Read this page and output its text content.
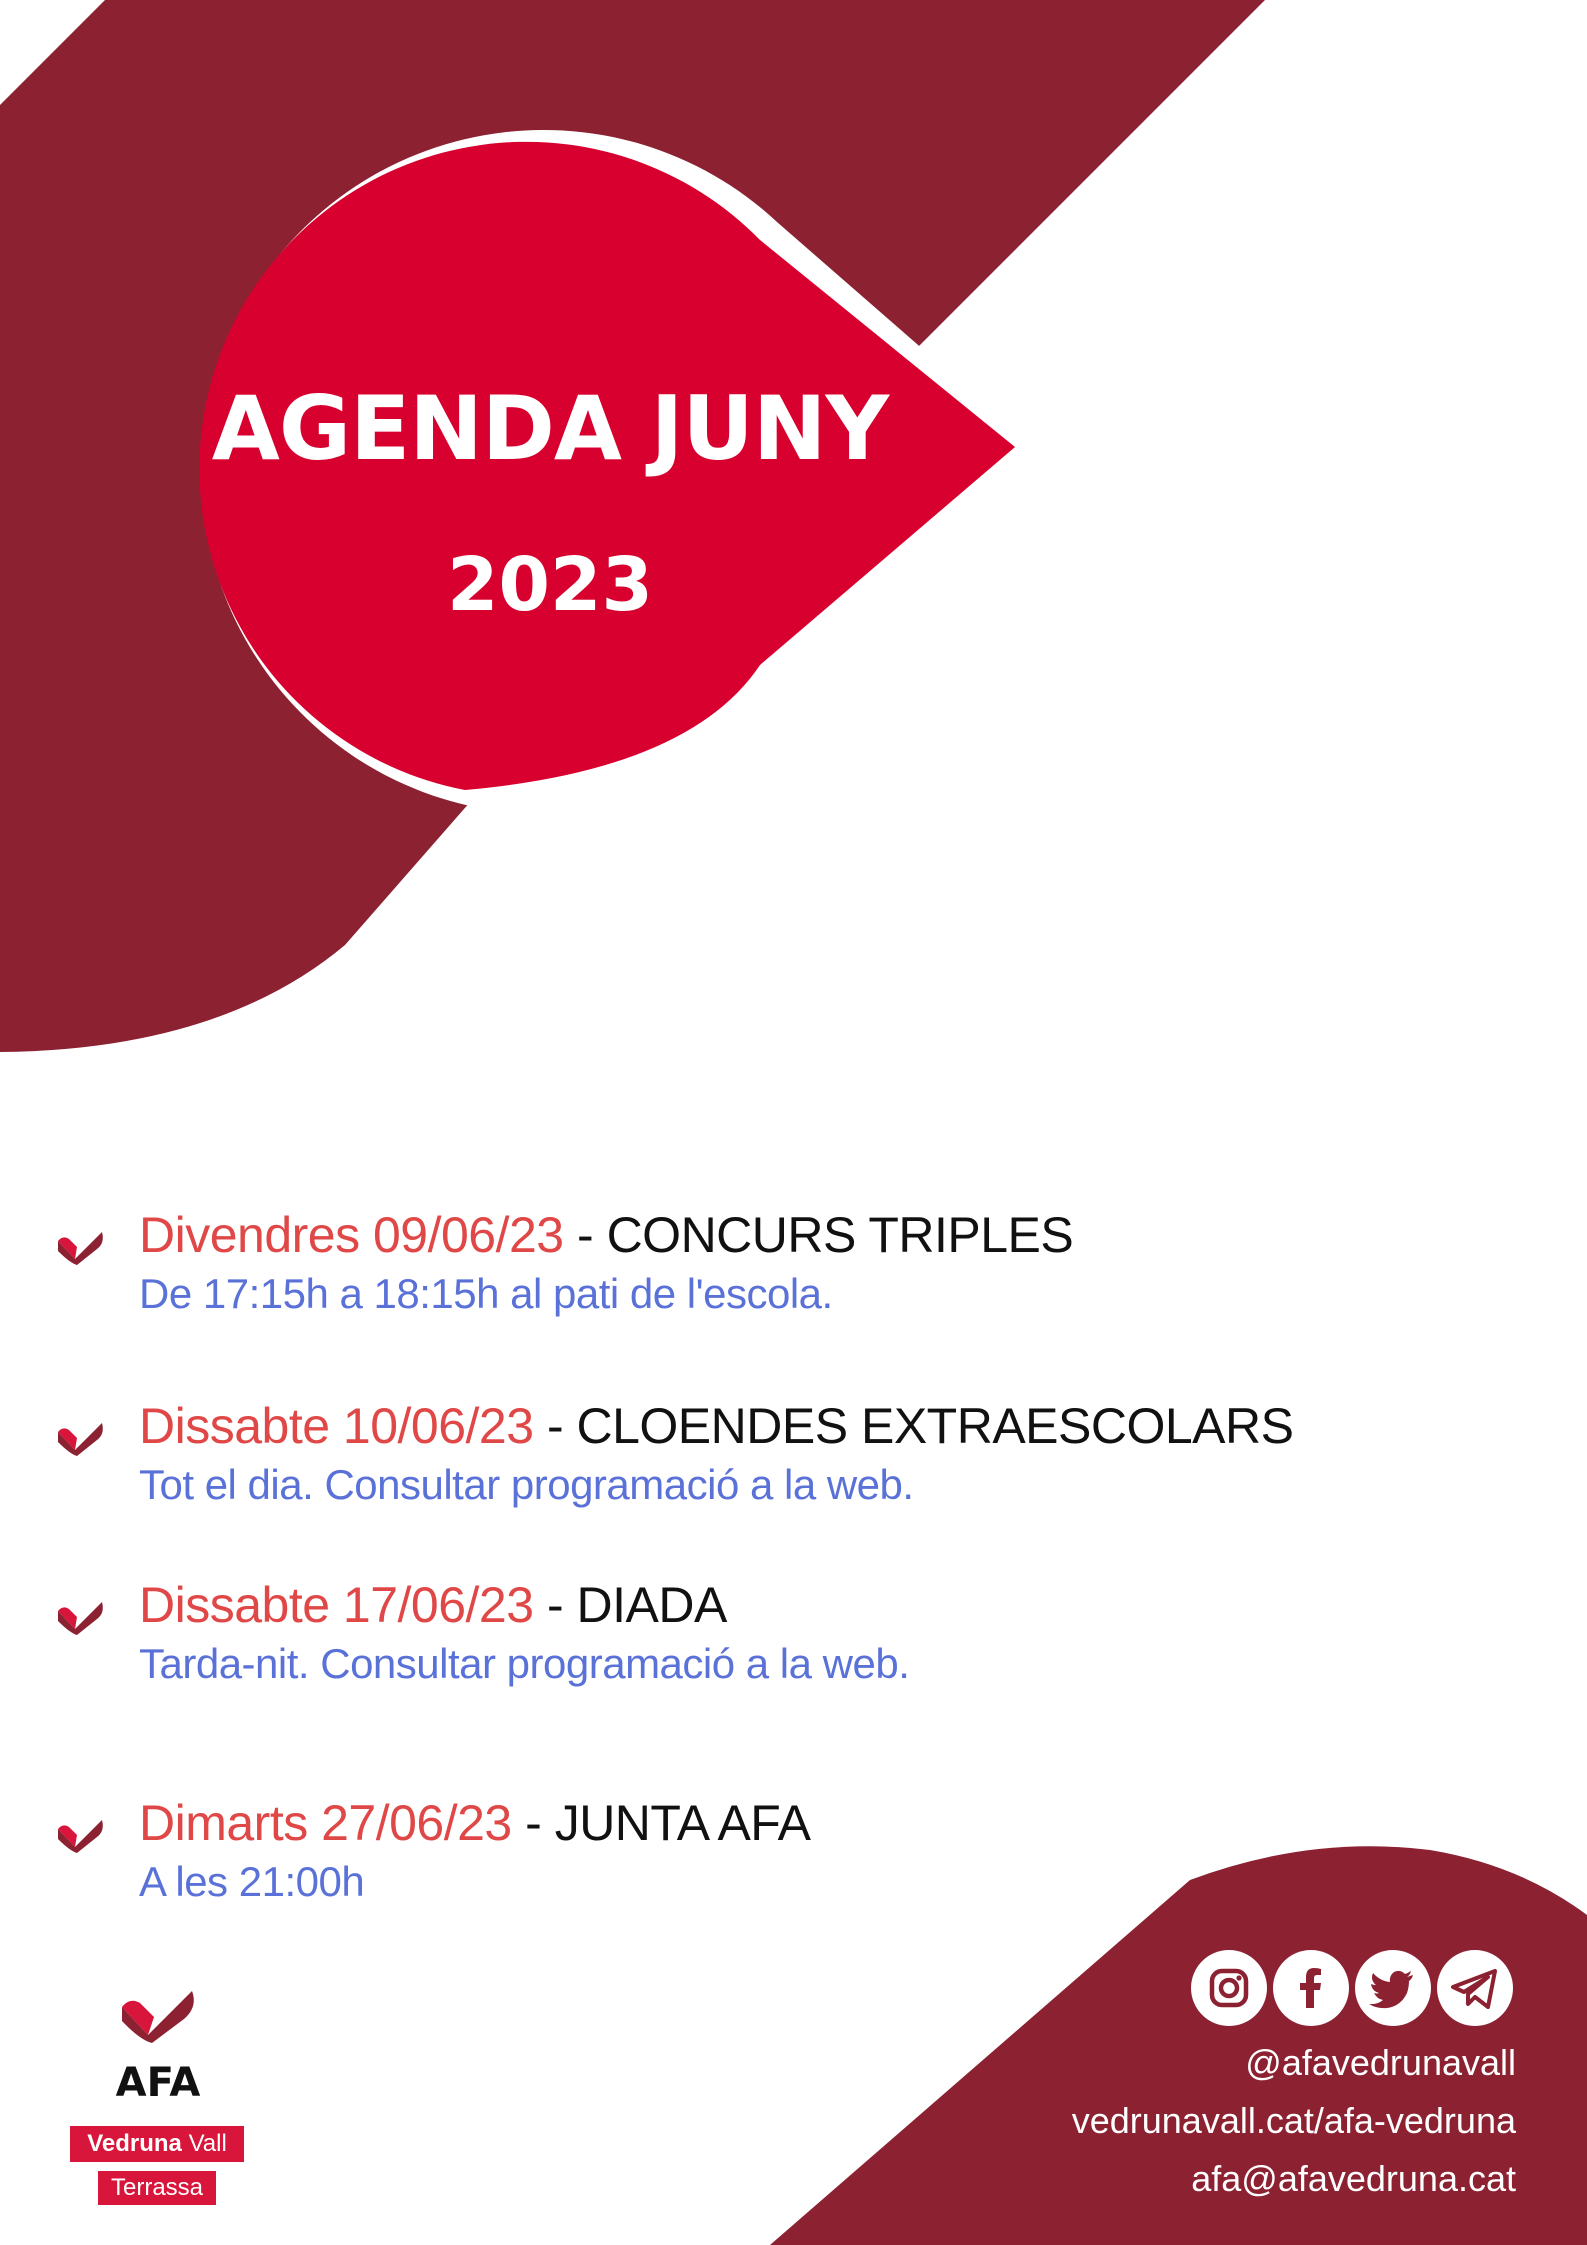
AGENDA JUNY
2023
Divendres 09/06/23 - CONCURS TRIPLES
De 17:15h a 18:15h al pati de l'escola.
Dissabte 10/06/23 - CLOENDES EXTRAESCOLARS
Tot el dia. Consultar programació a la web.
Dissabte 17/06/23 - DIADA
Tarda-nit. Consultar programació a la web.
Dimarts 27/06/23 - JUNTA AFA
A les 21:00h
AFA
Vedruna Vall
Terrassa
@afavedrunavall
vedrunavall.cat/afa-vedruna
afa@afavedruna.cat
